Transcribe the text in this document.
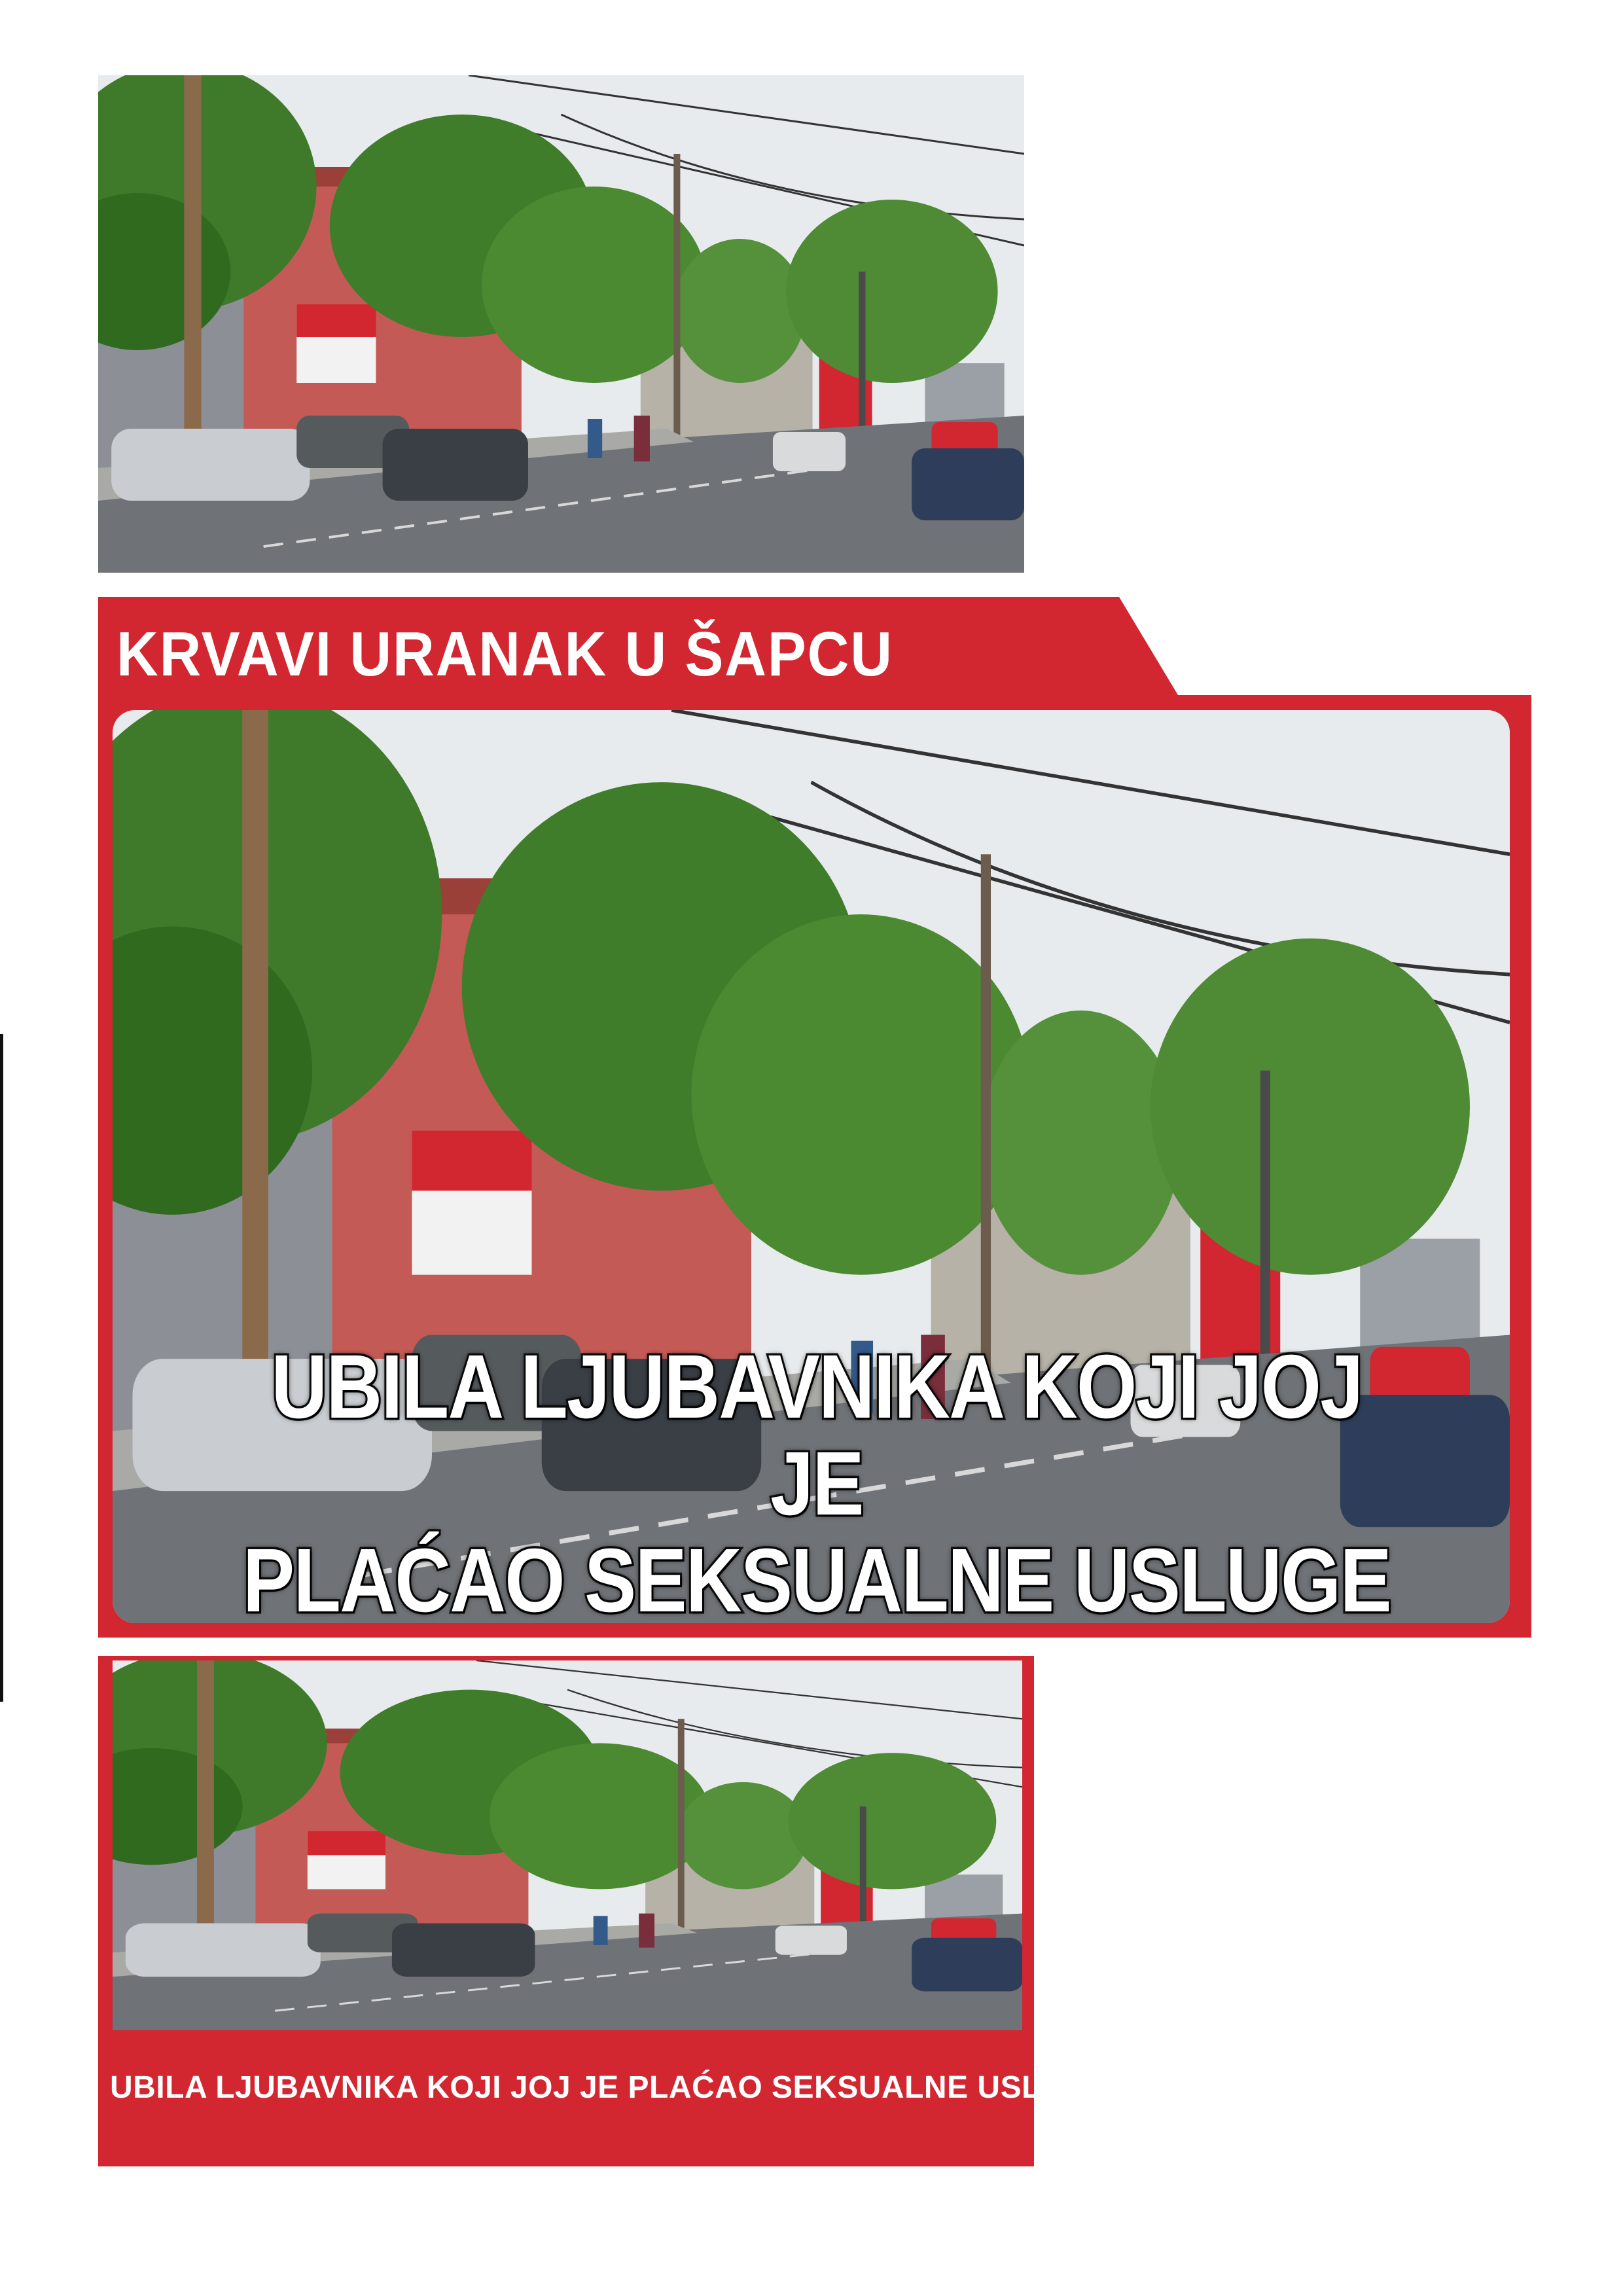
KRVAVI URANAK U ŠAPCU
UBILA LJUBAVNIKA KOJI JOJ JE
PLAĆAO SEKSUALNE USLUGE
UBILA LJUBAVNIKA KOJI JOJ JE PLAĆAO SEKSUALNE USLUGE
